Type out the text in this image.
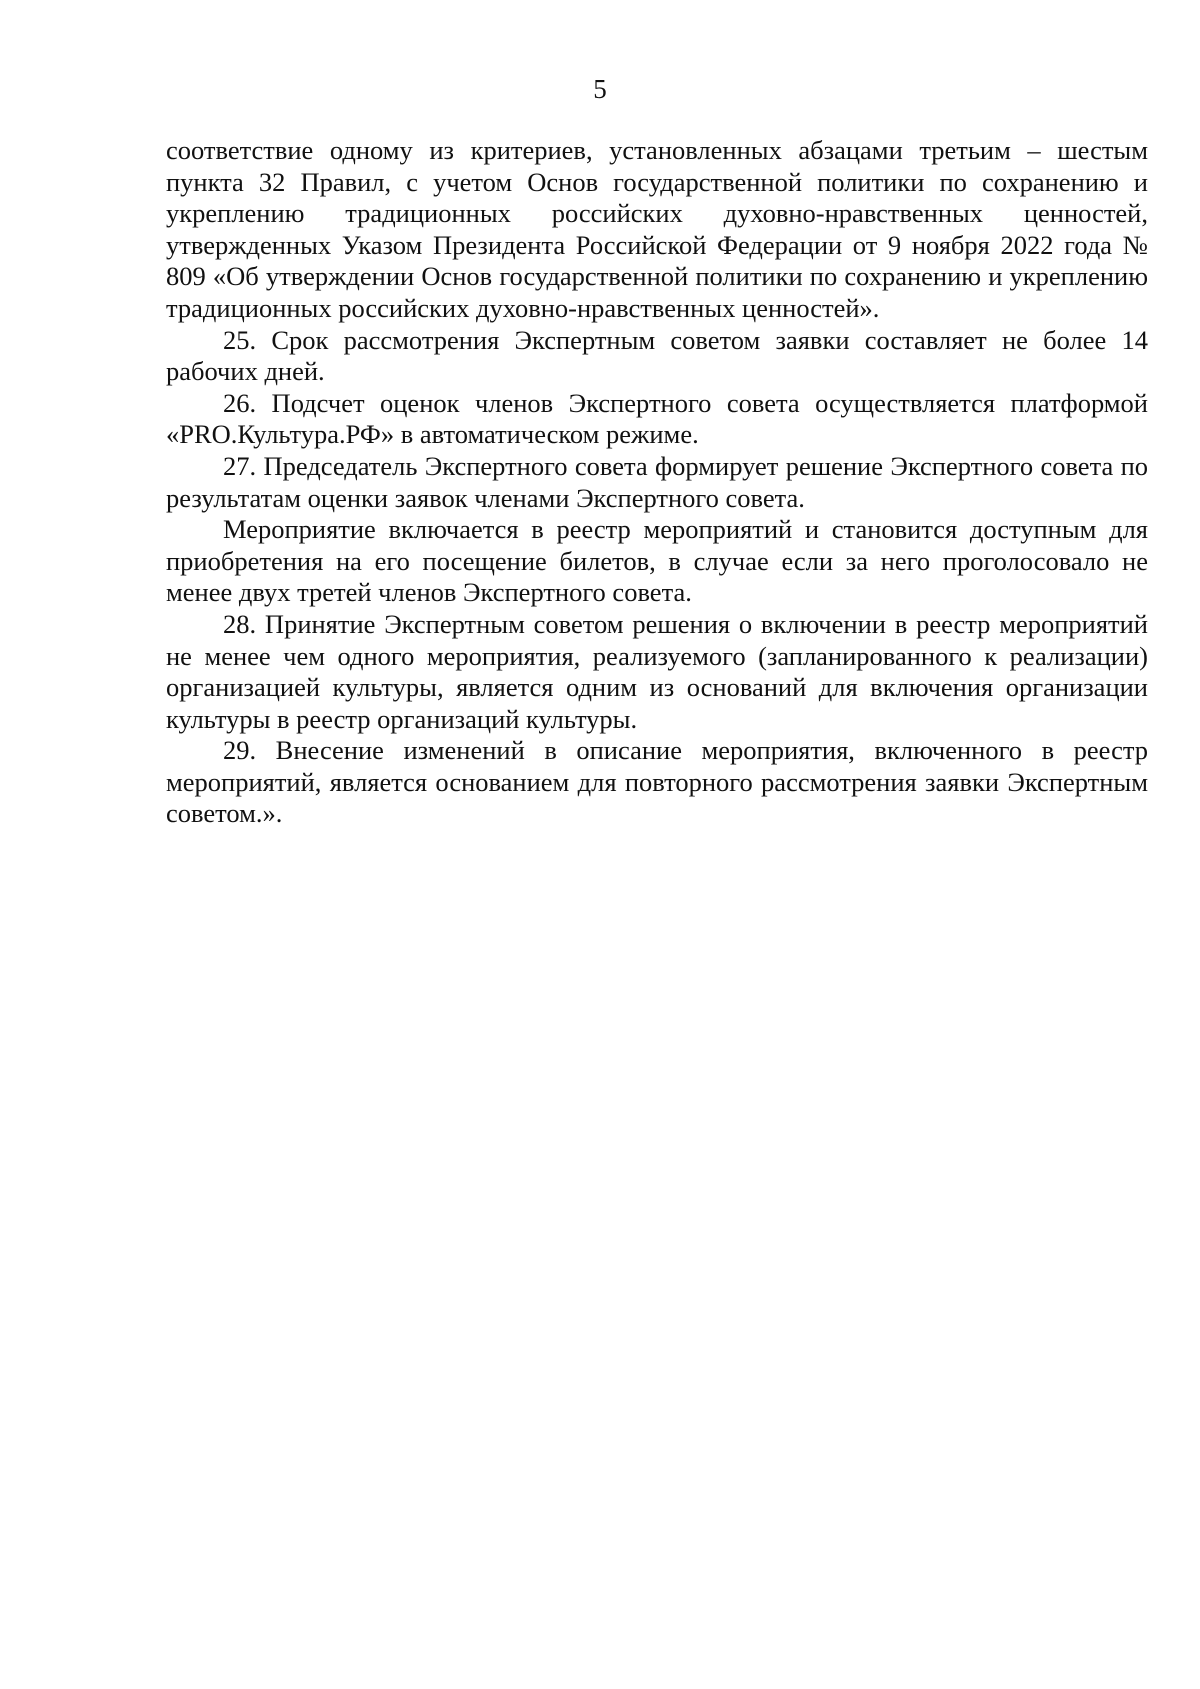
5

соответствие одному из критериев, установленных абзацами третьим – шестым пункта 32 Правил, с учетом Основ государственной политики по сохранению и укреплению традиционных российских духовно-нравственных ценностей, утвержденных Указом Президента Российской Федерации от 9 ноября 2022 года № 809 «Об утверждении Основ государственной политики по сохранению и укреплению традиционных российских духовно-нравственных ценностей».

25. Срок рассмотрения Экспертным советом заявки составляет не более 14 рабочих дней.

26. Подсчет оценок членов Экспертного совета осуществляется платформой «PRO.Культура.РФ» в автоматическом режиме.

27. Председатель Экспертного совета формирует решение Экспертного совета по результатам оценки заявок членами Экспертного совета.

Мероприятие включается в реестр мероприятий и становится доступным для приобретения на его посещение билетов, в случае если за него проголосовало не менее двух третей членов Экспертного совета.

28. Принятие Экспертным советом решения о включении в реестр мероприятий не менее чем одного мероприятия, реализуемого (запланированного к реализации) организацией культуры, является одним из оснований для включения организации культуры в реестр организаций культуры.

29. Внесение изменений в описание мероприятия, включенного в реестр мероприятий, является основанием для повторного рассмотрения заявки Экспертным советом.».
